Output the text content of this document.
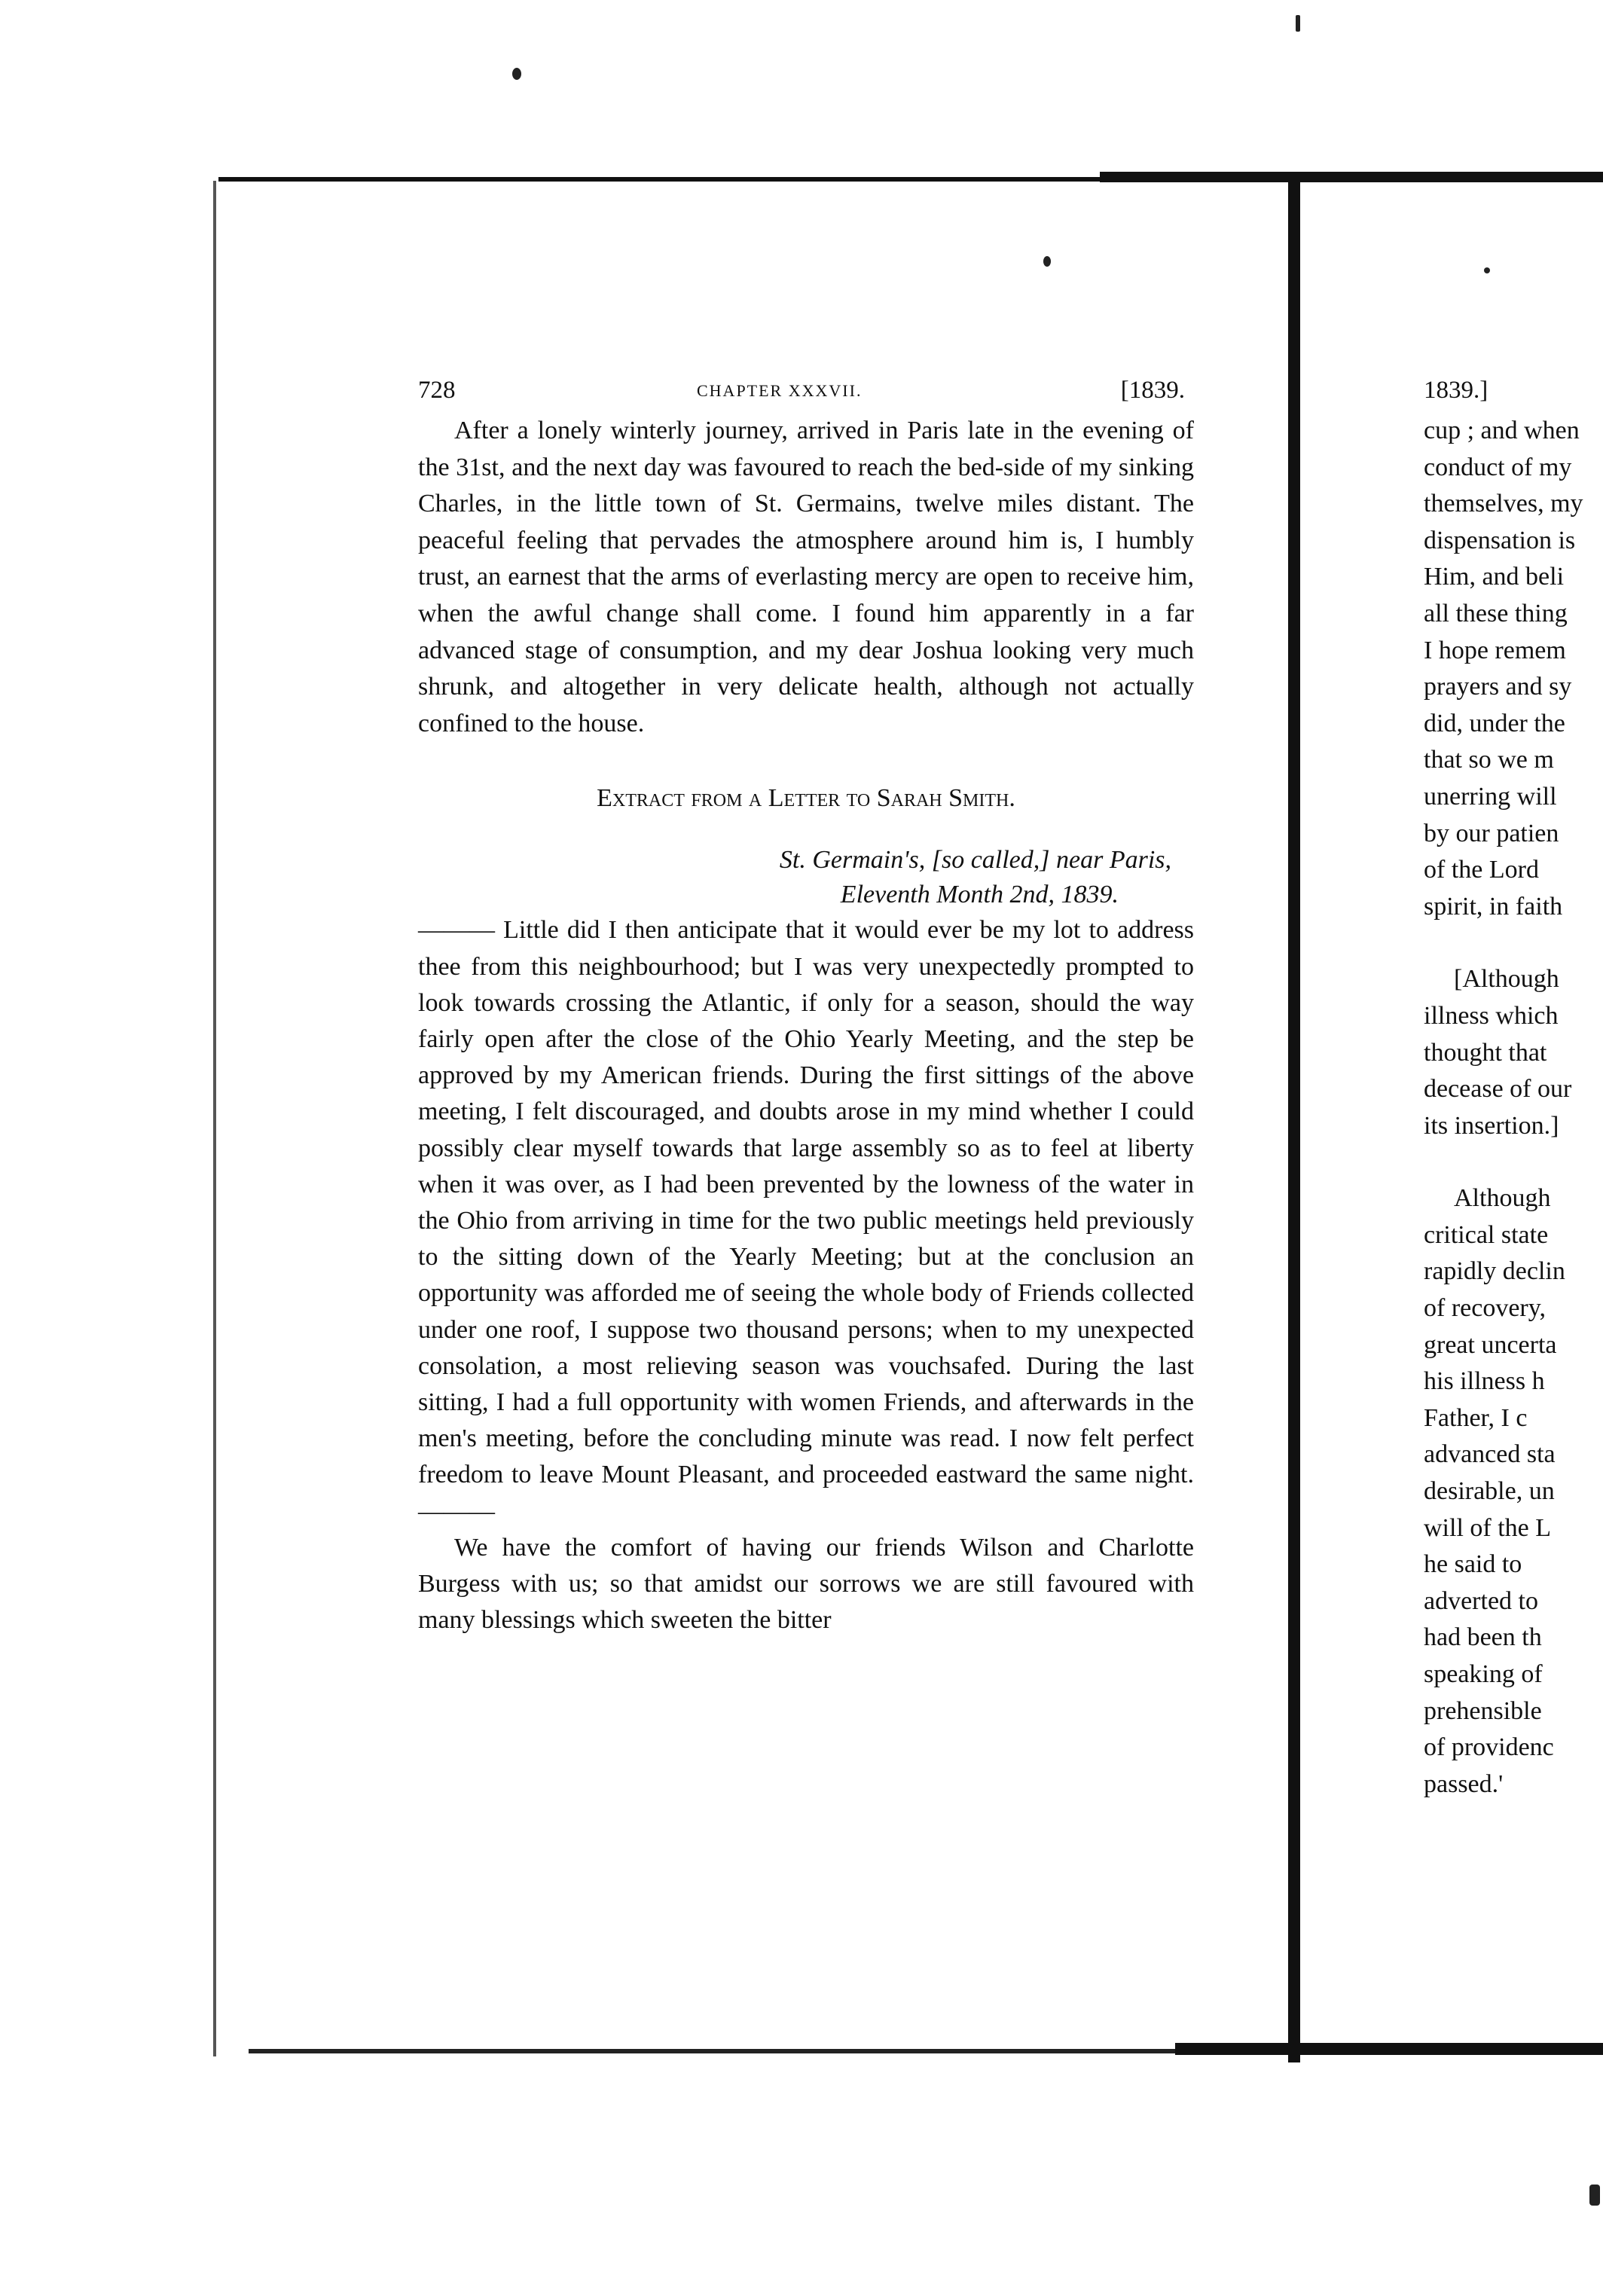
728	CHAPTER XXXVII.	[1839.

After a lonely winterly journey, arrived in Paris late in the evening of the 31st, and the next day was favoured to reach the bed-side of my sinking Charles, in the little town of St. Germains, twelve miles distant. The peaceful feeling that pervades the atmosphere around him is, I humbly trust, an earnest that the arms of everlasting mercy are open to receive him, when the awful change shall come. I found him apparently in a far advanced stage of consumption, and my dear Joshua looking very much shrunk, and altogether in very delicate health, although not actually confined to the house.

Extract from a Letter to Sarah Smith.
St. Germain's, [so called,] near Paris,
Eleventh Month 2nd, 1839.

——— Little did I then anticipate that it would ever be my lot to address thee from this neighbourhood; but I was very unexpectedly prompted to look towards crossing the Atlantic, if only for a season, should the way fairly open after the close of the Ohio Yearly Meeting, and the step be approved by my American friends. During the first sittings of the above meeting, I felt discouraged, and doubts arose in my mind whether I could possibly clear myself towards that large assembly so as to feel at liberty when it was over, as I had been prevented by the lowness of the water in the Ohio from arriving in time for the two public meetings held previously to the sitting down of the Yearly Meeting; but at the conclusion an opportunity was afforded me of seeing the whole body of Friends collected under one roof, I suppose two thousand persons; when to my unexpected consolation, a most relieving season was vouchsafed. During the last sitting, I had a full opportunity with women Friends, and afterwards in the men's meeting, before the concluding minute was read. I now felt perfect freedom to leave Mount Pleasant, and proceeded eastward the same night. ———

We have the comfort of having our friends Wilson and Charlotte Burgess with us; so that amidst our sorrows we are still favoured with many blessings which sweeten the bitter

1839.]
cup ; and when
conduct of my
themselves, my
dispensation is
Him, and beli
all these thing
I hope remem
prayers and sy
did, under the
that so we m
unerring will
by our patien
of the Lord
spirit, in faith
[Although
illness which
thought that
decease of our
its insertion.]
Although
critical state
rapidly declin
of recovery,
great uncerta
his illness h
Father, I c
advanced sta
desirable, un
will of the L
he said to
adverted to
had been th
speaking of
prehensible
of providenc
passed.'
